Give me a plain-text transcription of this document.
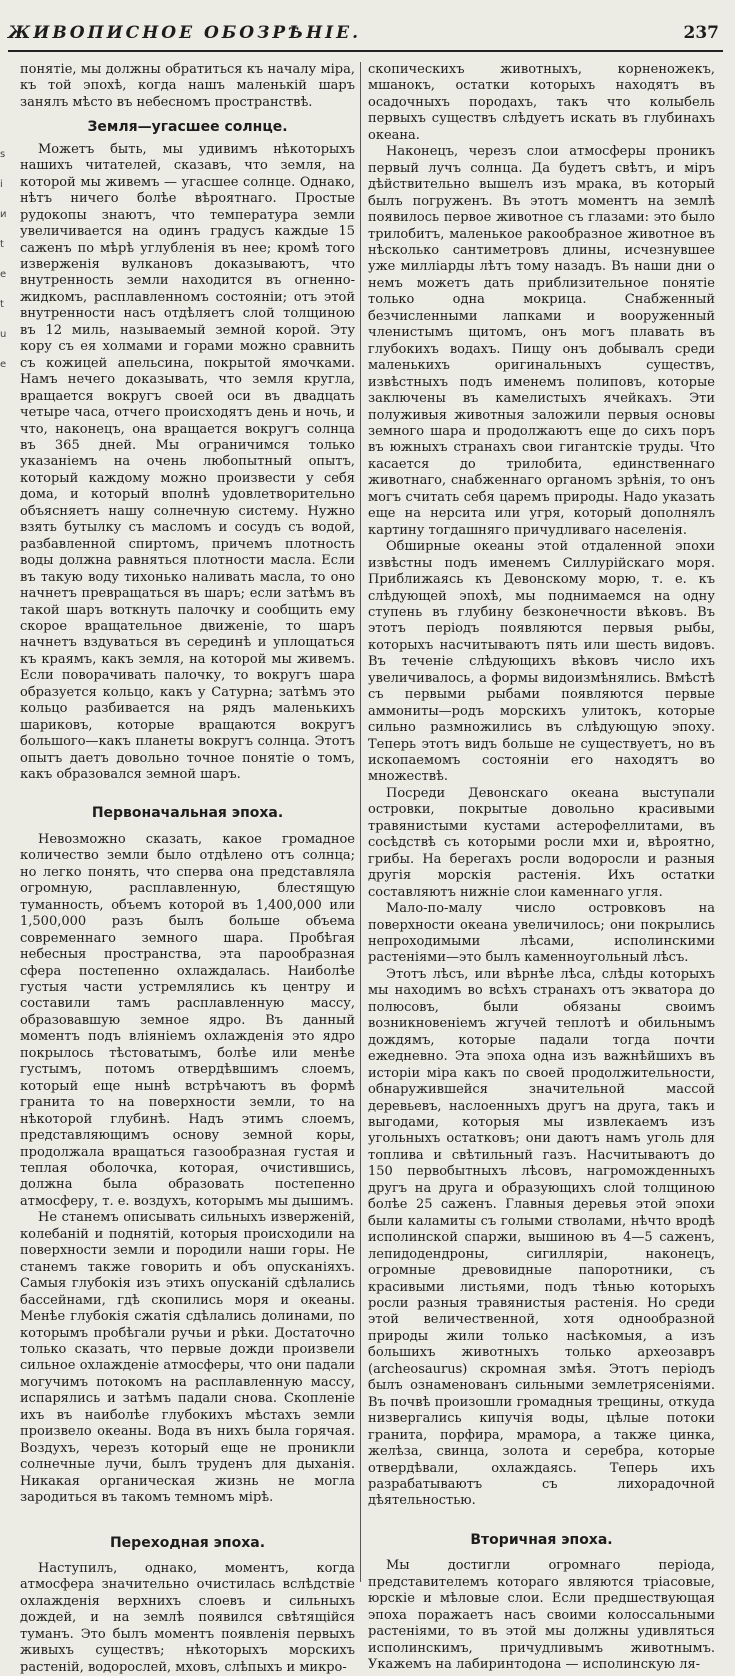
ЖИВОПИСНОЕ ОБОЗРѢНІЕ.	237
s
і
и
t
е
t
u
e

понятіе, мы должны обратиться къ началу міра, къ той эпохѣ, когда нашъ маленькій шаръ занялъ мѣсто въ небесномъ пространствѣ.

Земля—угасшее солнце.

Можетъ быть, мы удивимъ нѣкоторыхъ нашихъ читателей, сказавъ, что земля, на которой мы живемъ — угасшее солнце. Однако, нѣтъ ничего болѣе вѣроятнаго. Простые рудокопы знаютъ, что температура земли увеличивается на одинъ градусъ каждые 15 саженъ по мѣрѣ углубленія въ нее; кромѣ того изверженія вулкановъ доказываютъ, что внутренность земли находится въ огненно-жидкомъ, расплавленномъ состояніи; отъ этой внутренности насъ отдѣляетъ слой толщиною въ 12 миль, называемый земной корой. Эту кору съ ея холмами и горами можно сравнить съ кожицей апельсина, покрытой ямочками. Намъ нечего доказывать, что земля кругла, вращается вокругъ своей оси въ двадцать четыре часа, отчего происходятъ день и ночь, и что, наконецъ, она вращается вокругъ солнца въ 365 дней. Мы ограничимся только указаніемъ на очень любопытный опытъ, который каждому можно произвести у себя дома, и который вполнѣ удовлетворительно объясняетъ нашу солнечную систему. Нужно взять бутылку съ масломъ и сосудъ съ водой, разбавленной спиртомъ, причемъ плотность воды должна равняться плотности масла. Если въ такую воду тихонько наливать масла, то оно начнетъ превращаться въ шаръ; если затѣмъ въ такой шаръ воткнуть палочку и сообщить ему скорое вращательное движеніе, то шаръ начнетъ вздуваться въ серединѣ и уплощаться къ краямъ, какъ земля, на которой мы живемъ. Если поворачивать палочку, то вокругъ шара образуется кольцо, какъ у Сатурна; затѣмъ это кольцо разбивается на рядъ маленькихъ шариковъ, которые вращаются вокругъ большого—какъ планеты вокругъ солнца. Этотъ опытъ даетъ довольно точное понятіе о томъ, какъ образовался земной шаръ.

Первоначальная эпоха.

Невозможно сказать, какое громадное количество земли было отдѣлено отъ солнца; но легко понять, что сперва она представляла огромную, расплавленную, блестящую туманность, объемъ которой въ 1,400,000 или 1,500,000 разъ былъ больше объема современнаго земного шара. Пробѣгая небесныя пространства, эта парообразная сфера постепенно охлаждалась. Наиболѣе густыя части устремлялись къ центру и составили тамъ расплавленную массу, образовавшую земное ядро. Въ данный моментъ подъ вліяніемъ охлажденія это ядро покрылось тѣстоватымъ, болѣе или менѣе густымъ, потомъ отвердѣвшимъ слоемъ, который еще нынѣ встрѣчаютъ въ формѣ гранита то на поверхности земли, то на нѣкоторой глубинѣ. Надъ этимъ слоемъ, представляющимъ основу земной коры, продолжала вращаться газообразная густая и теплая оболочка, которая, очистившись, должна была образовать постепенно атмосферу, т. е. воздухъ, которымъ мы дышимъ.

Не станемъ описывать сильныхъ изверженій, колебаній и поднятій, которыя происходили на поверхности земли и породили наши горы. Не станемъ также говорить и объ опусканіяхъ. Самыя глубокія изъ этихъ опусканій сдѣлались бассейнами, гдѣ скопились моря и океаны. Менѣе глубокія сжатія сдѣлались долинами, по которымъ пробѣгали ручьи и рѣки. Достаточно только сказать, что первые дожди произвели сильное охлажденіе атмосферы, что они падали могучимъ потокомъ на расплавленную массу, испарялись и затѣмъ падали снова. Скопленіе ихъ въ наиболѣе глубокихъ мѣстахъ земли произвело океаны. Вода въ нихъ была горячая. Воздухъ, черезъ который еще не проникли солнечные лучи, былъ труденъ для дыханія. Никакая органическая жизнь не могла зародиться въ такомъ темномъ мірѣ.

Переходная эпоха.

Наступилъ, однако, моментъ, когда атмосфера значительно очистилась вслѣдствіе охлажденія верхнихъ слоевъ и сильныхъ дождей, и на землѣ появился свѣтящійся туманъ. Это былъ моментъ появленія первыхъ живыхъ существъ; нѣкоторыхъ морскихъ растеній, водорослей, мховъ, слѣпыхъ и микро-

скопическихъ животныхъ, корненожекъ, мшанокъ, остатки которыхъ находятъ въ осадочныхъ породахъ, такъ что колыбель первыхъ существъ слѣдуетъ искать въ глубинахъ океана.

Наконецъ, черезъ слои атмосферы проникъ первый лучъ солнца. Да будетъ свѣтъ, и міръ дѣйствительно вышелъ изъ мрака, въ который былъ погруженъ. Въ этотъ моментъ на землѣ появилось первое животное съ глазами: это было трилобитъ, маленькое ракообразное животное въ нѣсколько сантиметровъ длины, исчезнувшее уже милліарды лѣтъ тому назадъ. Въ наши дни о немъ можетъ дать приблизительное понятіе только одна мокрица. Снабженный безчисленными лапками и вооруженный членистымъ щитомъ, онъ могъ плавать въ глубокихъ водахъ. Пищу онъ добывалъ среди маленькихъ оригинальныхъ существъ, извѣстныхъ подъ именемъ полиповъ, которые заключены въ камелистыхъ ячейкахъ. Эти полуживыя животныя заложили первыя основы земного шара и продолжаютъ еще до сихъ поръ въ южныхъ странахъ свои гигантскіе труды. Что касается до трилобита, единственнаго животнаго, снабженнаго органомъ зрѣнія, то онъ могъ считать себя царемъ природы. Надо указать еще на нерсита или угря, который дополнялъ картину тогдашняго причудливаго населенія.

Обширные океаны этой отдаленной эпохи извѣстны подъ именемъ Силлурійскаго моря. Приближаясь къ Девонскому морю, т. е. къ слѣдующей эпохѣ, мы поднимаемся на одну ступень въ глубину безконечности вѣковъ. Въ этотъ періодъ появляются первыя рыбы, которыхъ насчитываютъ пять или шесть видовъ. Въ теченіе слѣдующихъ вѣковъ число ихъ увеличивалось, а формы видоизмѣнялись. Вмѣстѣ съ первыми рыбами появляются первые аммониты—родъ морскихъ улитокъ, которые сильно размножились въ слѣдующую эпоху. Теперь этотъ видъ больше не существуетъ, но въ ископаемомъ состояніи его находятъ во множествѣ.

Посреди Девонскаго океана выступали островки, покрытые довольно красивыми травянистыми кустами астерофеллитами, въ сосѣдствѣ съ которыми росли мхи и, вѣроятно, грибы. На берегахъ росли водоросли и разныя другія морскія растенія. Ихъ остатки составляютъ нижніе слои каменнаго угля.

Мало-по-малу число островковъ на поверхности океана увеличилось; они покрылись непроходимыми лѣсами, исполинскими растеніями—это былъ каменноугольный лѣсъ.

Этотъ лѣсъ, или вѣрнѣе лѣса, слѣды которыхъ мы находимъ во всѣхъ странахъ отъ экватора до полюсовъ, были обязаны своимъ возникновеніемъ жгучей теплотѣ и обильнымъ дождямъ, которые падали тогда почти ежедневно. Эта эпоха одна изъ важнѣйшихъ въ исторіи міра какъ по своей продолжительности, обнаружившейся значительной массой деревьевъ, наслоенныхъ другъ на друга, такъ и выгодами, которыя мы извлекаемъ изъ угольныхъ остатковъ; они даютъ намъ уголь для топлива и свѣтильный газъ. Насчитываютъ до 150 первобытныхъ лѣсовъ, нагроможденныхъ другъ на друга и образующихъ слой толщиною болѣе 25 саженъ. Главныя деревья этой эпохи были каламиты съ голыми стволами, нѣчто вродѣ исполинской спаржи, вышиною въ 4—5 саженъ, лепидодендроны, сигилляріи, наконецъ, огромные древовидные папоротники, съ красивыми листьями, подъ тѣнью которыхъ росли разныя травянистыя растенія. Но среди этой величественной, хотя однообразной природы жили только насѣкомыя, а изъ большихъ животныхъ только археозавръ (archeosaurus) скромная змѣя. Этотъ періодъ былъ ознаменованъ сильными землетрясеніями. Въ почвѣ произошли громадныя трещины, откуда низвергались кипучія воды, цѣлые потоки гранита, порфира, мрамора, а также цинка, желѣза, свинца, золота и серебра, которые отвердѣвали, охлаждаясь. Теперь ихъ разрабатываютъ съ лихорадочной дѣятельностью.

Вторичная эпоха.

Мы достигли огромнаго періода, представителемъ котораго являются тріасовые, юрскіе и мѣловые слои. Если предшествующая эпоха поражаетъ насъ своими колоссальными растеніями, то въ этой мы должны удивляться исполинскимъ, причудливымъ животнымъ. Укажемъ на лабиринтодона — исполинскую ля-
